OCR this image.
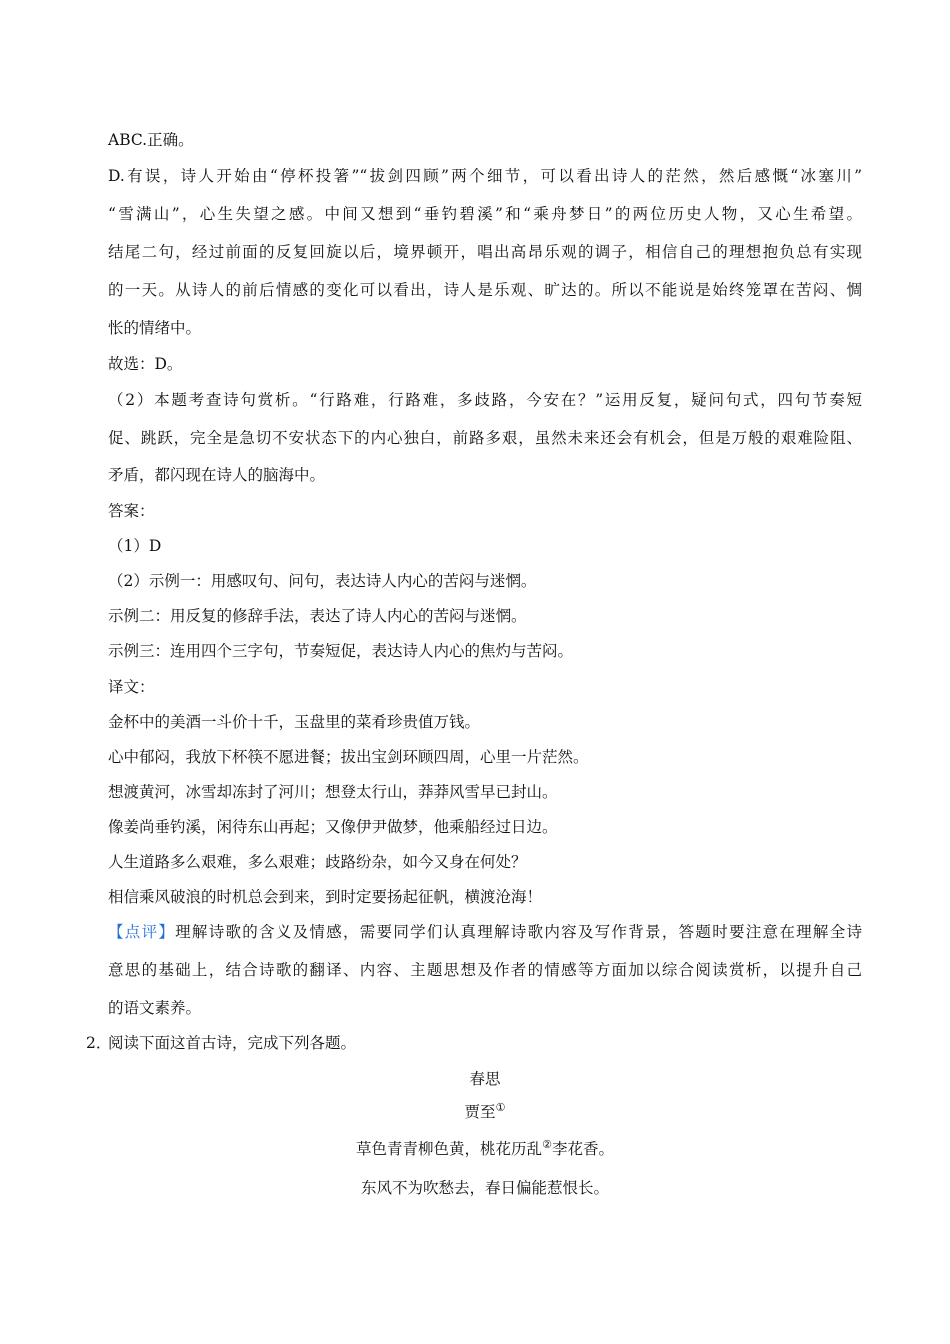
ABC.正确。
D.有误，诗人开始由“停杯投箸”“拔剑四顾”两个细节，可以看出诗人的茫然，然后感慨“冰塞川”
“雪满山”，心生失望之感。中间又想到“垂钓碧溪”和“乘舟梦日”的两位历史人物，又心生希望。
结尾二句，经过前面的反复回旋以后，境界顿开，唱出高昂乐观的调子，相信自己的理想抱负总有实现
的一天。从诗人的前后情感的变化可以看出，诗人是乐观、旷达的。所以不能说是始终笼罩在苦闷、惆
怅的情绪中。
故选：D。
（2）本题考查诗句赏析。“行路难，行路难，多歧路，今安在？”运用反复，疑问句式，四句节奏短
促、跳跃，完全是急切不安状态下的内心独白，前路多艰，虽然未来还会有机会，但是万般的艰难险阻、
矛盾，都闪现在诗人的脑海中。
答案：
（1）D
（2）示例一：用感叹句、问句，表达诗人内心的苦闷与迷惘。
示例二：用反复的修辞手法，表达了诗人内心的苦闷与迷惘。
示例三：连用四个三字句，节奏短促，表达诗人内心的焦灼与苦闷。
译文：
金杯中的美酒一斗价十千，玉盘里的菜肴珍贵值万钱。
心中郁闷，我放下杯筷不愿进餐；拔出宝剑环顾四周，心里一片茫然。
想渡黄河，冰雪却冻封了河川；想登太行山，莽莽风雪早已封山。
像姜尚垂钓溪，闲待东山再起；又像伊尹做梦，他乘船经过日边。
人生道路多么艰难，多么艰难；歧路纷杂，如今又身在何处？
相信乘风破浪的时机总会到来，到时定要扬起征帆，横渡沧海！
【点评】理解诗歌的含义及情感，需要同学们认真理解诗歌内容及写作背景，答题时要注意在理解全诗
意思的基础上，结合诗歌的翻译、内容、主题思想及作者的情感等方面加以综合阅读赏析，以提升自己
的语文素养。
2．
阅读下面这首古诗，完成下列各题。
春思
贾至①
草色青青柳色黄，桃花历乱②李花香。
东风不为吹愁去，春日偏能惹恨长。
